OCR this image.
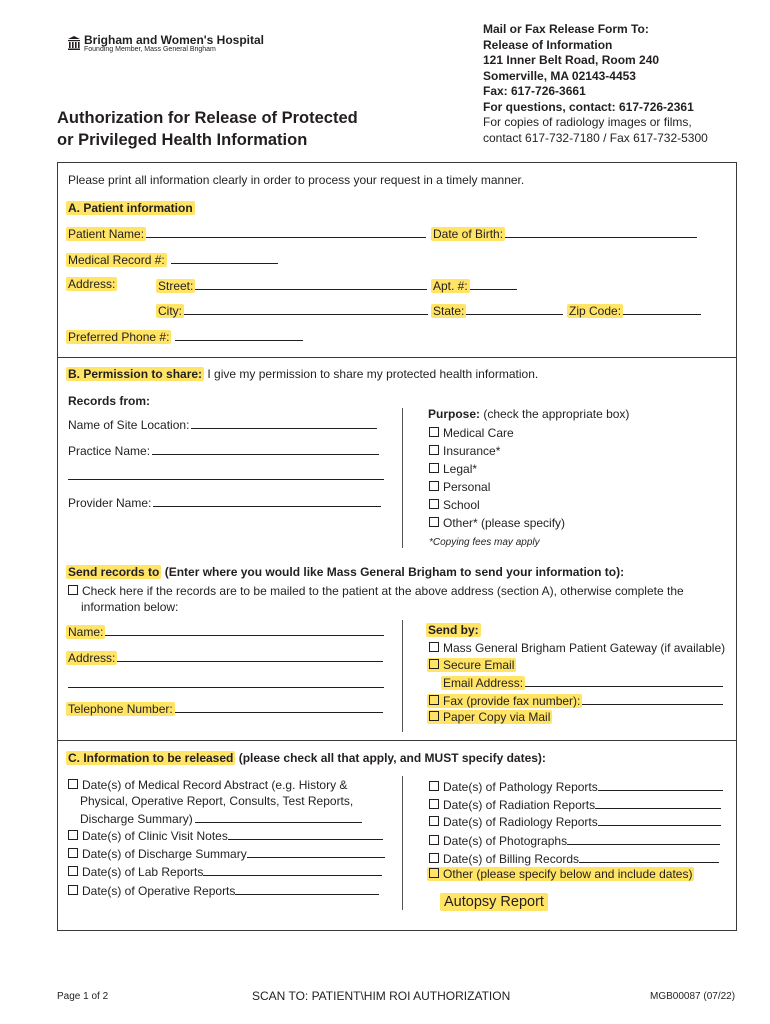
Brigham and Women's Hospital
Founding Member, Mass General Brigham
Mail or Fax Release Form To:
Release of Information
121 Inner Belt Road, Room 240
Somerville, MA 02143-4453
Fax: 617-726-3661
For questions, contact: 617-726-2361
For copies of radiology images or films,
contact 617-732-7180 / Fax 617-732-5300
Authorization for Release of Protected
or Privileged Health Information
Please print all information clearly in order to process your request in a timely manner.
A. Patient information
Patient Name:	Date of Birth:
Medical Record #:
Address:	Street:	Apt. #:
City:	State:	Zip Code:
Preferred Phone #:
B. Permission to share: I give my permission to share my protected health information.
Records from:
Name of Site Location:
Practice Name:
Provider Name:
Purpose: (check the appropriate box)
Medical Care
Insurance*
Legal*
Personal
School
Other* (please specify)
*Copying fees may apply
Send records to (Enter where you would like Mass General Brigham to send your information to):
Check here if the records are to be mailed to the patient at the above address (section A), otherwise complete the
information below:
Name:
Address:
Telephone Number:
Send by:
Mass General Brigham Patient Gateway (if available)
Secure Email
Email Address:
Fax (provide fax number):
Paper Copy via Mail
C. Information to be released (please check all that apply, and MUST specify dates):
Date(s) of Medical Record Abstract (e.g. History &
Physical, Operative Report, Consults, Test Reports,
Discharge Summary)
Date(s) of Clinic Visit Notes
Date(s) of Discharge Summary
Date(s) of Lab Reports
Date(s) of Operative Reports
Date(s) of Pathology Reports
Date(s) of Radiation Reports
Date(s) of Radiology Reports
Date(s) of Photographs
Date(s) of Billing Records
Other (please specify below and include dates)
Autopsy Report
Page 1 of 2	SCAN TO: PATIENT\HIM ROI AUTHORIZATION	MGB00087 (07/22)
